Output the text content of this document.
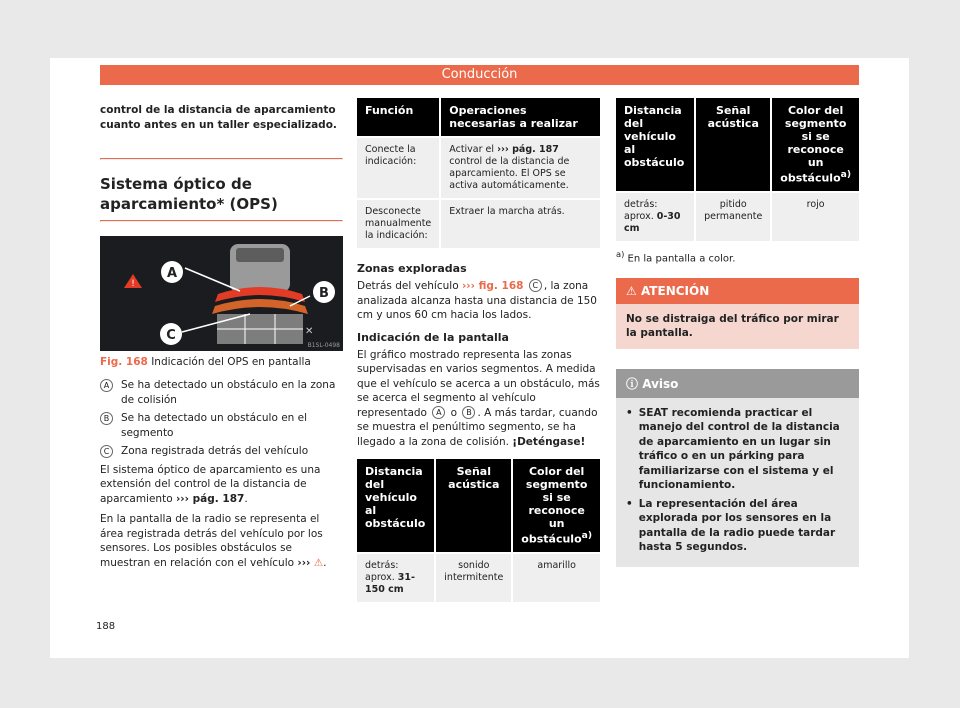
Conducción
control de la distancia de aparcamiento cuanto antes en un taller especializado.
Sistema óptico de aparcamiento* (OPS)
!
A
B
C	✕
B1SL-0498
Fig. 168 Indicación del OPS en pantalla
A	Se ha detectado un obstáculo en la zona de colisión
B	Se ha detectado un obstáculo en el segmento
C	Zona registrada detrás del vehículo

El sistema óptico de aparcamiento es una extensión del control de la distancia de aparcamiento ››› pág. 187.

En la pantalla de la radio se representa el área registrada detrás del vehículo por los sensores. Los posibles obstáculos se muestran en relación con el vehículo ››› ⚠.

Función	Operaciones necesarias a realizar
Conecte la indicación:	Activar el ››› pág. 187 control de la distancia de aparcamiento. El OPS se activa automáticamente.
Desconecte manualmente la indicación:	Extraer la marcha atrás.
Zonas exploradas

Detrás del vehículo ››› fig. 168 C , la zona analizada alcanza hasta una distancia de 150 cm y unos 60 cm hacia los lados.

Indicación de la pantalla

El gráfico mostrado representa las zonas supervisadas en varios segmentos. A medida que el vehículo se acerca a un obstáculo, más se acerca el segmento al vehículo representado A o B . A más tardar, cuando se muestra el penúltimo segmento, se ha llegado a la zona de colisión. ¡Deténgase!

Distancia del vehículo al obstáculo	Señal acústica	Color del segmento si se reconoce un obstáculo$^{a)}$
detrás: aprox. 31-150 cm	sonido intermitente	amarillo
Distancia del vehículo al obstáculo	Señal acústica	Color del segmento si se reconoce un obstáculo$^{a)}$
detrás: aprox. 0-30 cm	pitido permanente	rojo
$^{a)}$ En la pantalla a color.
⚠ ATENCIÓN
No se distraiga del tráfico por mirar la pantalla.
ⓘ Aviso
• SEAT recomienda practicar el manejo del control de la distancia de aparcamiento en un lugar sin tráfico o en un párking para familiarizarse con el sistema y el funcionamiento.
• La representación del área explorada por los sensores en la pantalla de la radio puede tardar hasta 5 segundos.
188
